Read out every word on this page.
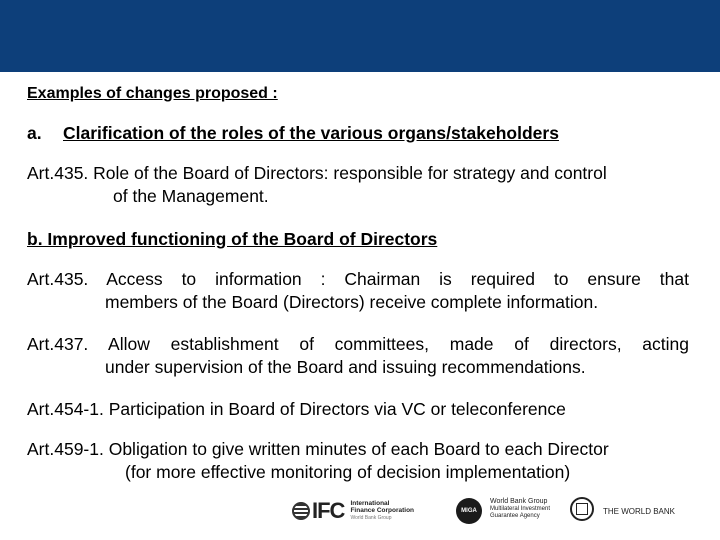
Examples of changes proposed :
a. Clarification of the roles of the various organs/stakeholders
Art.435. Role of the Board of Directors: responsible for strategy and control
of the Management.
b. Improved functioning of the Board of Directors
Art.435. Access to information : Chairman is required to ensure that
members of the Board (Directors) receive complete information.
Art.437. Allow establishment of committees, made of directors, acting
under supervision of the Board and issuing recommendations.
Art.454-1. Participation in Board of Directors via VC or teleconference
Art.459-1. Obligation to give written minutes of each Board to each Director
(for more effective monitoring of decision implementation)
IFC International
Finance Corporation
World Bank Group
MIGA
World Bank Group
Multilateral Investment
Guarantee Agency	THE WORLD BANK
